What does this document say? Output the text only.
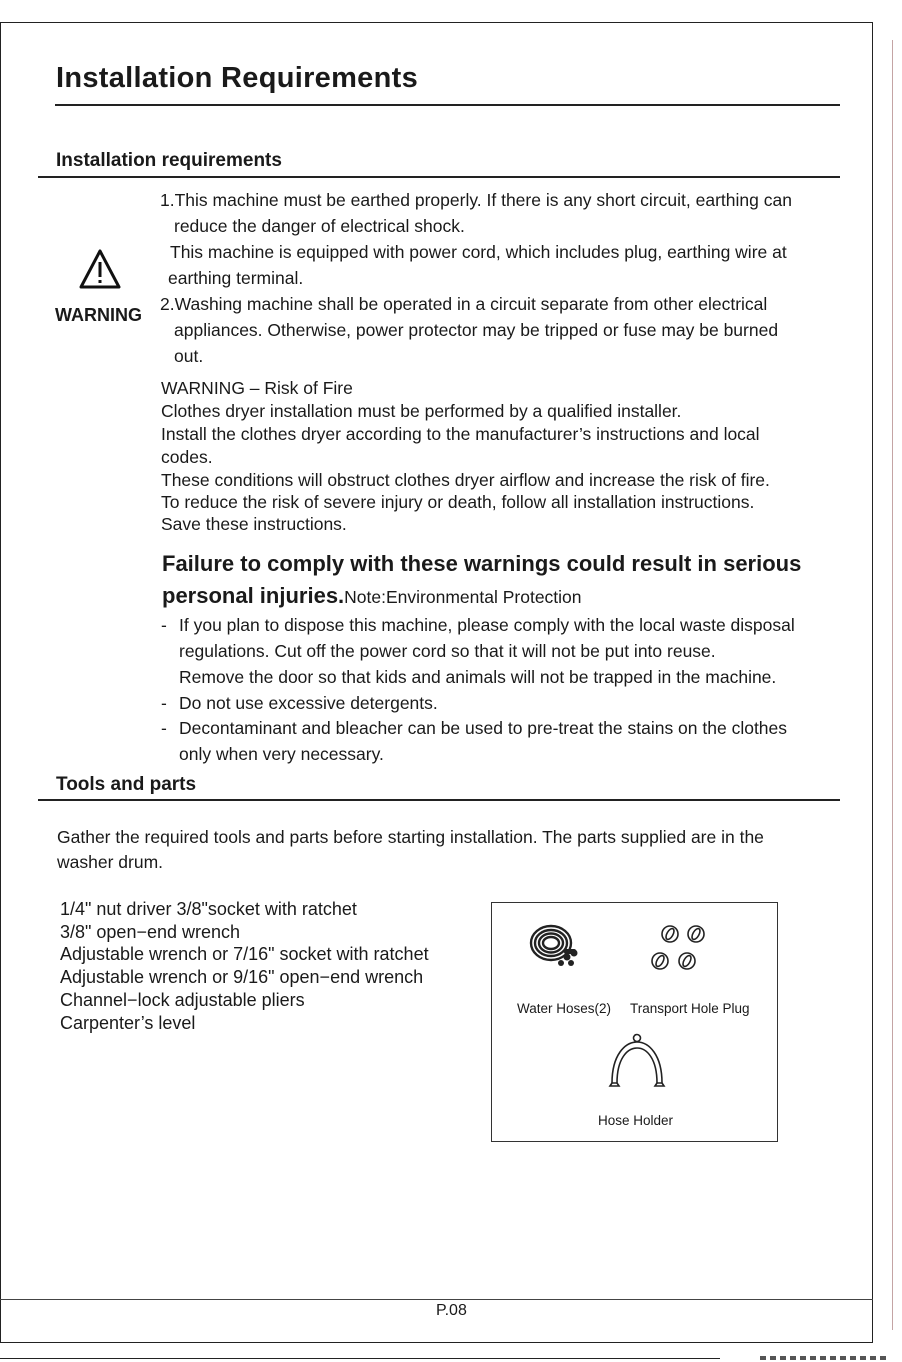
Installation Requirements
Installation requirements
WARNING

1.This machine must be earthed properly. If there is any short circuit, earthing can

reduce the danger of electrical shock.

This machine is equipped with power cord, which includes plug, earthing wire at

earthing terminal.

2.Washing machine shall be operated in a circuit separate from other electrical

appliances. Otherwise, power protector may be tripped or fuse may be burned

out.

WARNING – Risk of Fire

Clothes dryer installation must be performed by a qualified installer.

Install the clothes dryer according to the manufacturer’s instructions and local

codes.

These conditions will obstruct clothes dryer airflow and increase the risk of fire.

To reduce the risk of severe injury or death, follow all installation instructions.

Save these instructions.

Failure to comply with these warnings could result in serious

personal injuries.Note:Environmental Protection

- If you plan to dispose this machine, please comply with the local waste disposal
regulations. Cut off the power cord so that it will not be put into reuse.
Remove the door so that kids and animals will not be trapped in the machine.
- Do not use excessive detergents.
- Decontaminant and bleacher can be used to pre-treat the stains on the clothes
only when very necessary.
Tools and parts

Gather the required tools and parts before starting installation. The parts supplied are in the

washer drum.

1/4" nut driver 3/8"socket with ratchet
3/8" open−end wrench
Adjustable wrench or 7/16" socket with ratchet
Adjustable wrench or 9/16" open−end wrench
Channel−lock adjustable pliers
Carpenter’s level
Water Hoses(2) Transport Hole Plug
Hose Holder
P.08
